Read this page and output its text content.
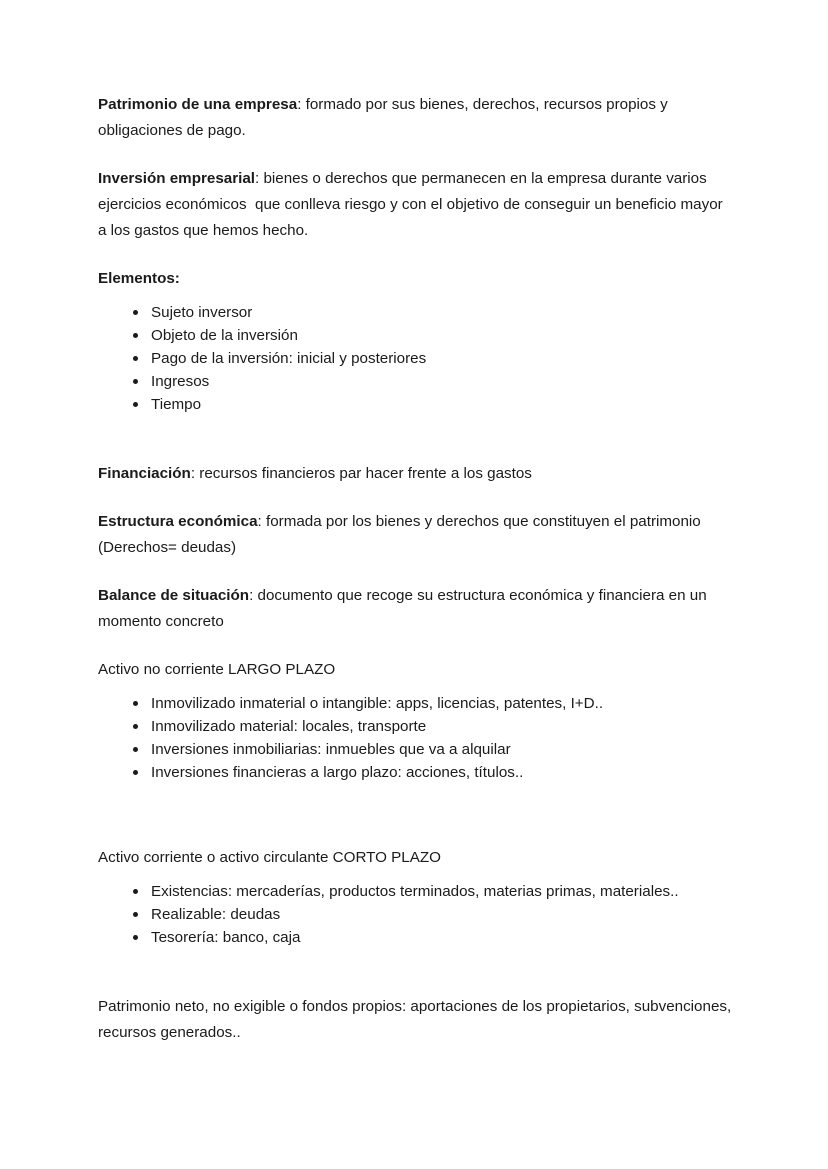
Patrimonio de una empresa: formado por sus bienes, derechos, recursos propios y obligaciones de pago.

Inversión empresarial: bienes o derechos que permanecen en la empresa durante varios ejercicios económicos  que conlleva riesgo y con el objetivo de conseguir un beneficio mayor a los gastos que hemos hecho.

Elementos:

Sujeto inversor
Objeto de la inversión
Pago de la inversión: inicial y posteriores
Ingresos
Tiempo

Financiación: recursos financieros par hacer frente a los gastos

Estructura económica: formada por los bienes y derechos que constituyen el patrimonio

(Derechos= deudas)

Balance de situación: documento que recoge su estructura económica y financiera en un momento concreto

Activo no corriente LARGO PLAZO

Inmovilizado inmaterial o intangible: apps, licencias, patentes, I+D..
Inmovilizado material: locales, transporte
Inversiones inmobiliarias: inmuebles que va a alquilar
Inversiones financieras a largo plazo: acciones, títulos..

Activo corriente o activo circulante CORTO PLAZO

Existencias: mercaderías, productos terminados, materias primas, materiales..
Realizable: deudas
Tesorería: banco, caja

Patrimonio neto, no exigible o fondos propios: aportaciones de los propietarios, subvenciones, recursos generados..
